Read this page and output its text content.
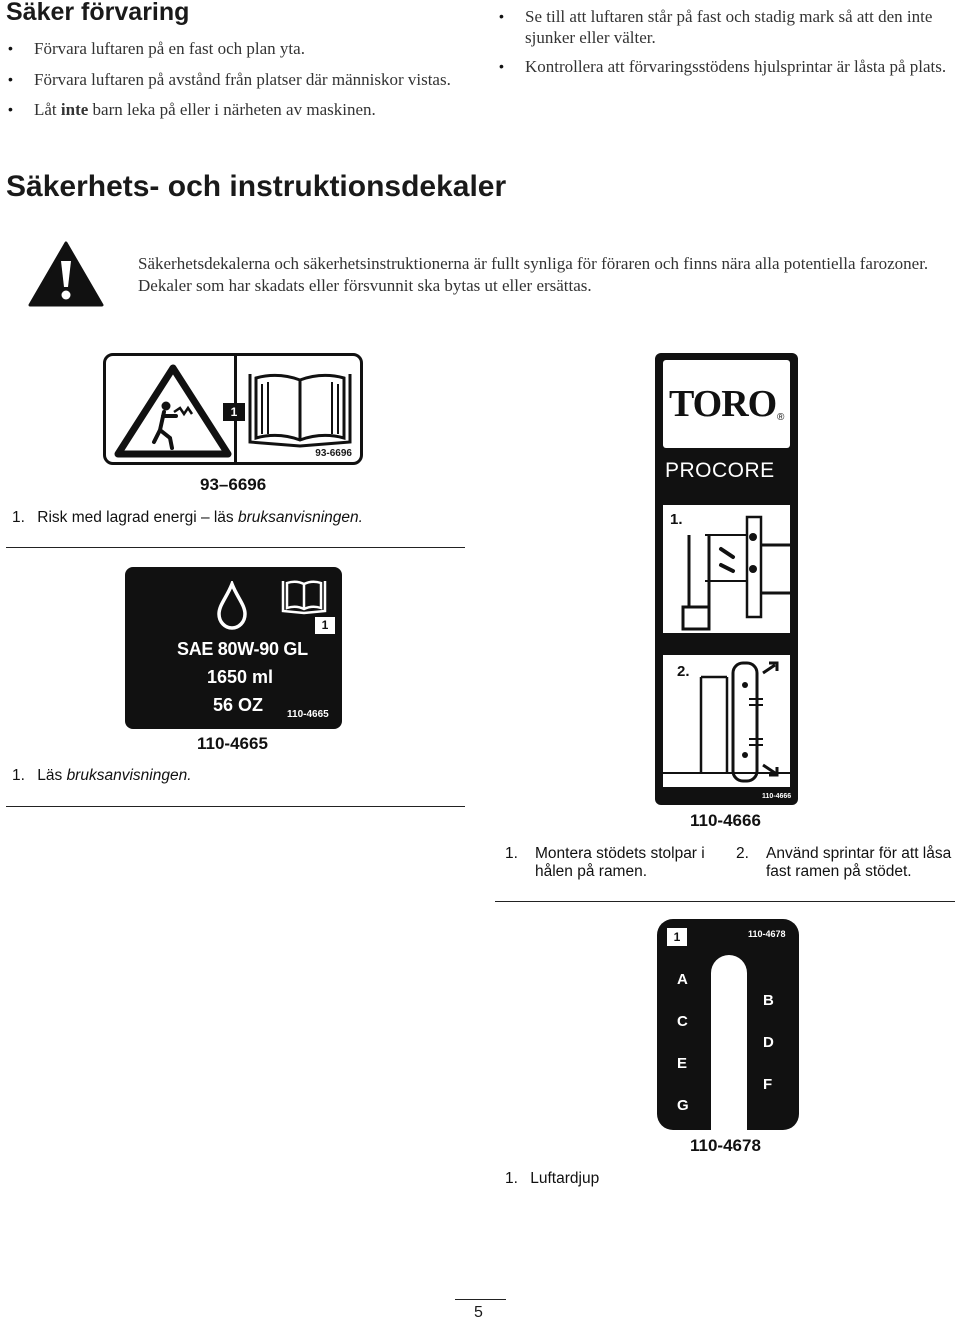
Säker förvaring
• Förvara luftaren på en fast och plan yta.
• Förvara luftaren på avstånd från platser där människor vistas.
• Låt inte barn leka på eller i närheten av maskinen.
• Se till att luftaren står på fast och stadig mark så att den inte sjunker eller välter.
• Kontrollera att förvaringsstödens hjulsprintar är låsta på plats.
Säkerhets- och instruktionsdekaler

Säkerhetsdekalerna och säkerhetsinstruktionerna är fullt synliga för föraren och finns nära alla potentiella farozoner. Dekaler som har skadats eller försvunnit ska bytas ut eller ersättas.

1
93-6696
93–6696
1. Risk med lagrad energi – läs bruksanvisningen.
1
SAE 80W-90 GL
1650 ml
56 OZ 110-4665
110-4665
1. Läs bruksanvisningen.
TORO ®
PROCORE
1.
2.
110-4666
110-4666
1. Montera stödets stolpar i hålen på ramen.
2. Använd sprintar för att låsa fast ramen på stödet.
1	110-4678
A
C
E
G
B
D
F
110-4678
1. Luftardjup
5
